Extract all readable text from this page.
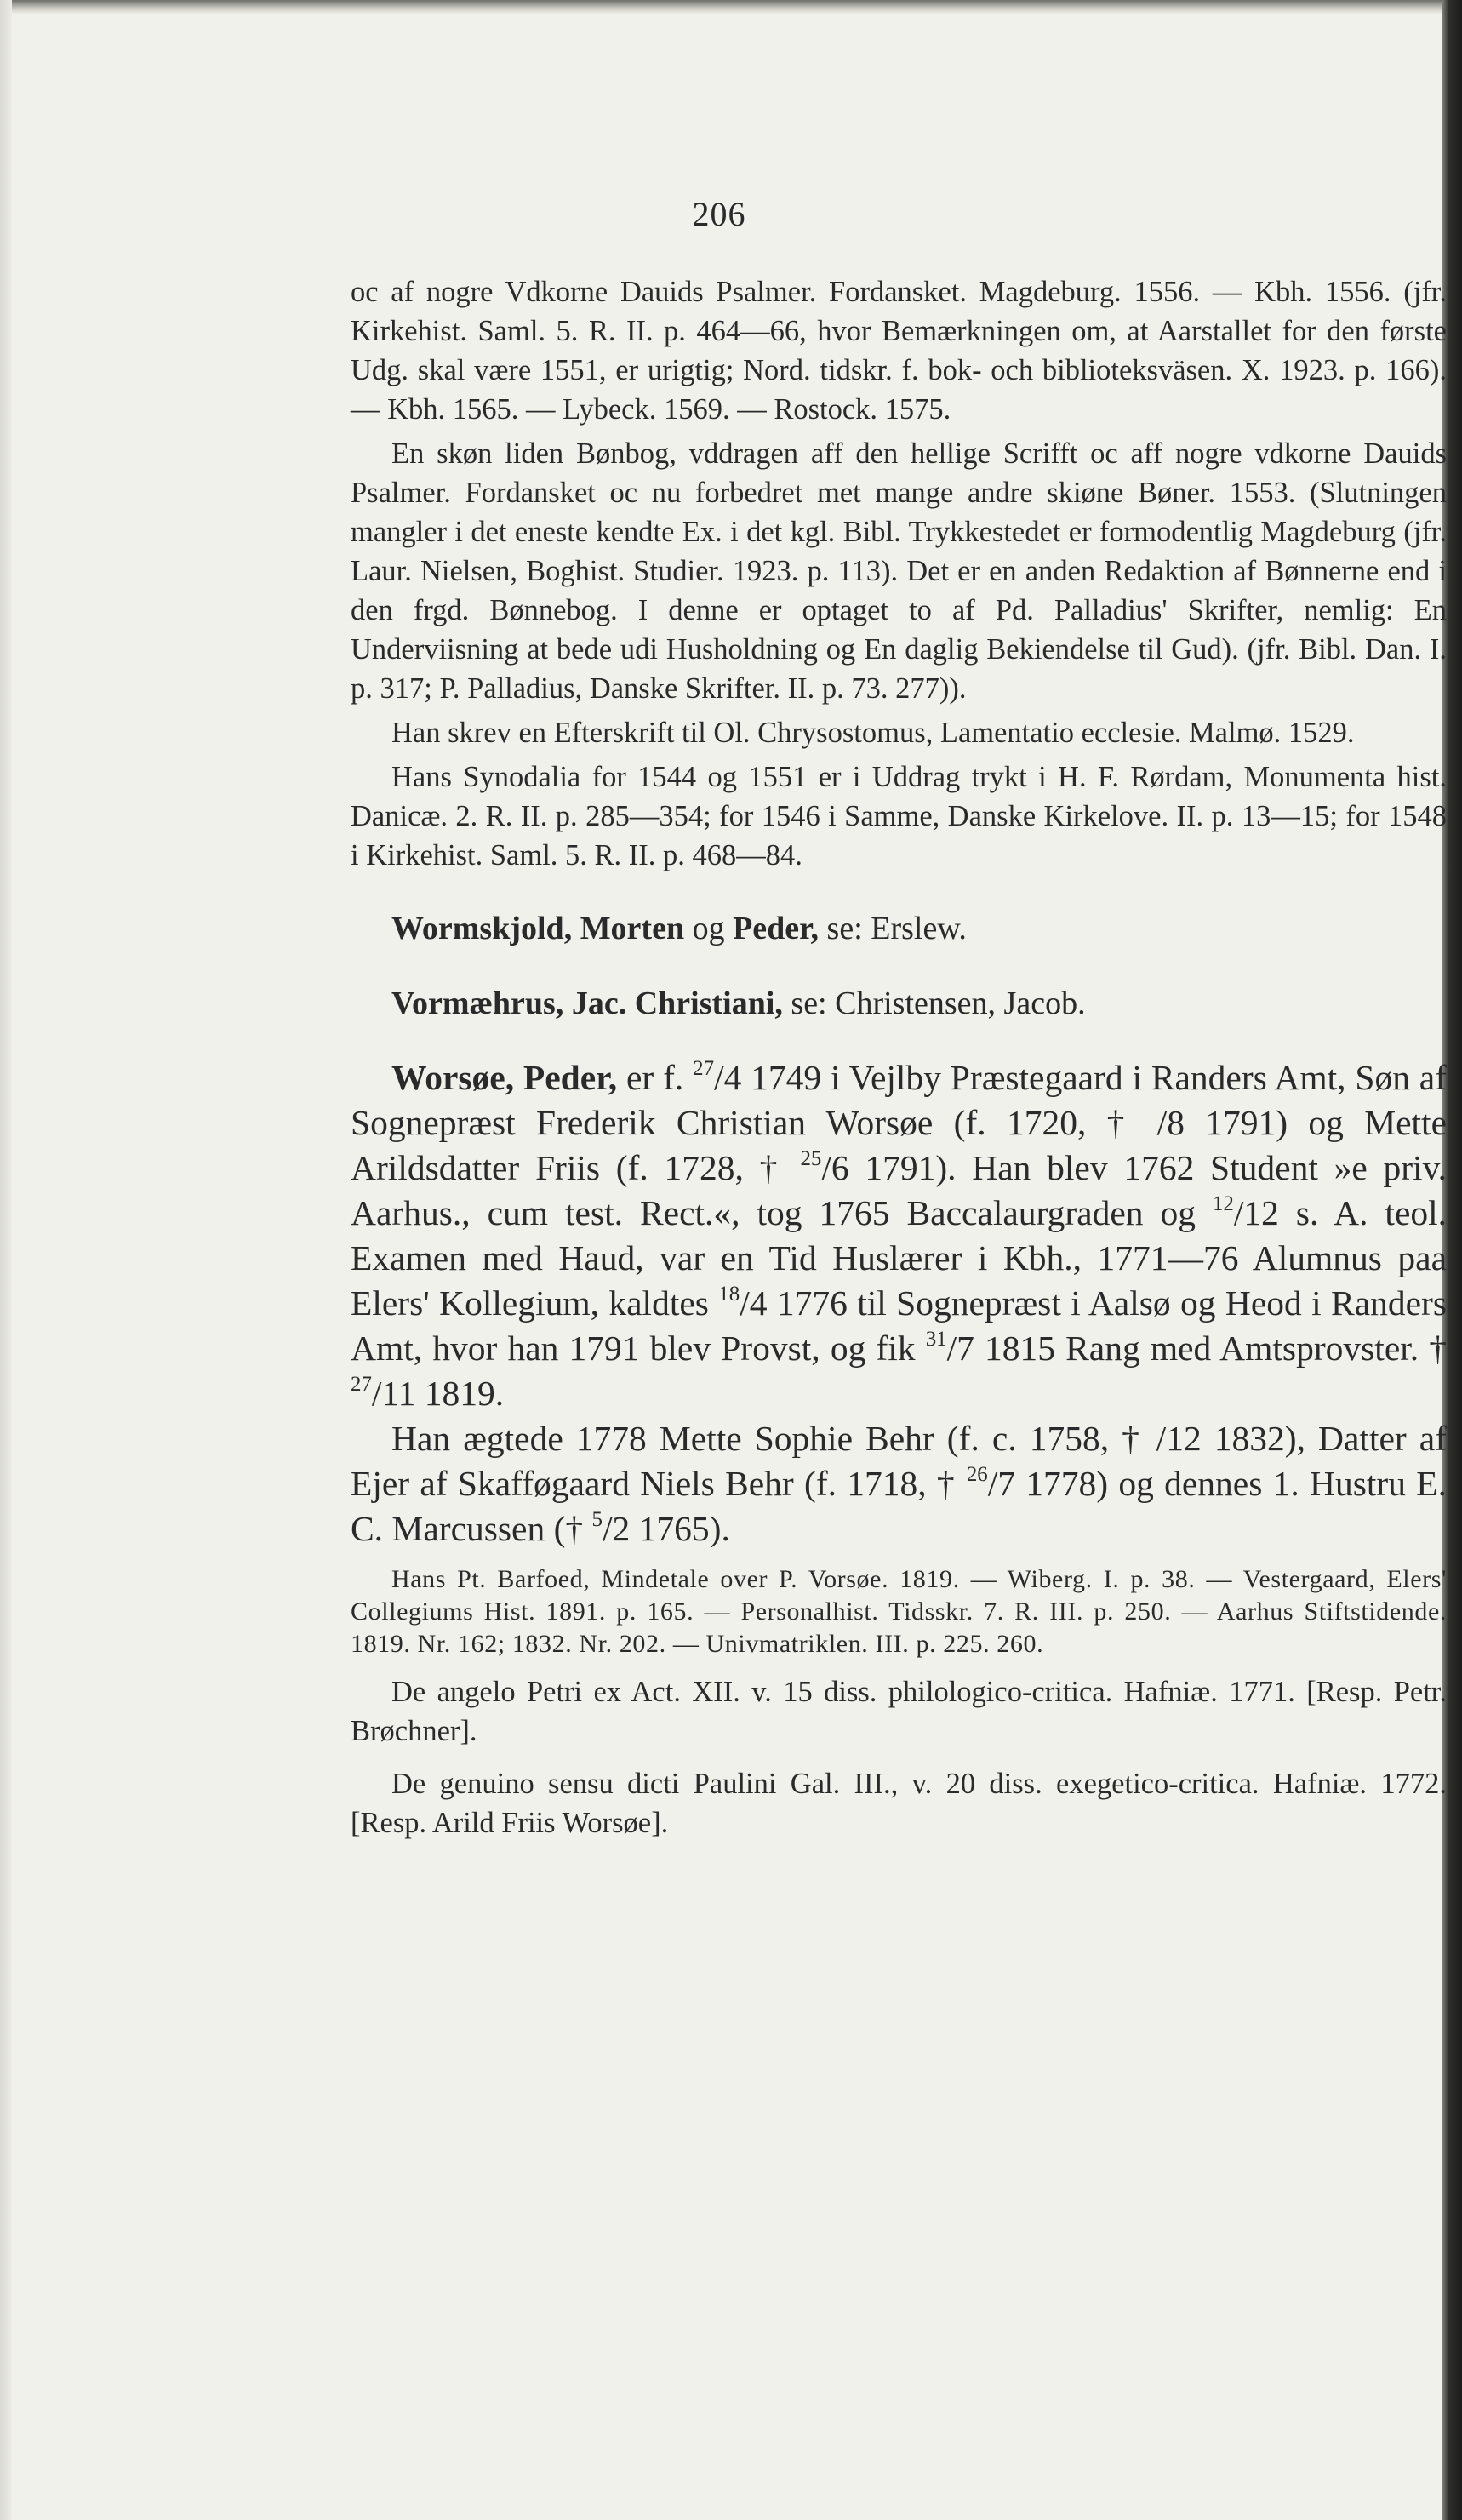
206

oc af nogre Vdkorne Dauids Psalmer. Fordansket. Magdeburg. 1556. — Kbh. 1556. (jfr. Kirkehist. Saml. 5. R. II. p. 464—66, hvor Bemærkningen om, at Aarstallet for den første Udg. skal være 1551, er urigtig; Nord. tidskr. f. bok- och biblioteksväsen. X. 1923. p. 166). — Kbh. 1565. — Lybeck. 1569. — Rostock. 1575.

En skøn liden Bønbog, vddragen aff den hellige Scrifft oc aff nogre vdkorne Dauids Psalmer. Fordansket oc nu forbedret met mange andre skiøne Bøner. 1553. (Slutningen mangler i det eneste kendte Ex. i det kgl. Bibl. Trykkestedet er formodentlig Magdeburg (jfr. Laur. Nielsen, Boghist. Studier. 1923. p. 113). Det er en anden Redaktion af Bønnerne end i den frgd. Bønnebog. I denne er optaget to af Pd. Palladius' Skrifter, nemlig: En Underviisning at bede udi Husholdning og En daglig Bekiendelse til Gud). (jfr. Bibl. Dan. I. p. 317; P. Palladius, Danske Skrifter. II. p. 73. 277)).

Han skrev en Efterskrift til Ol. Chrysostomus, Lamentatio ecclesie. Malmø. 1529.

Hans Synodalia for 1544 og 1551 er i Uddrag trykt i H. F. Rørdam, Monumenta hist. Danicæ. 2. R. II. p. 285—354; for 1546 i Samme, Danske Kirkelove. II. p. 13—15; for 1548 i Kirkehist. Saml. 5. R. II. p. 468—84.

Wormskjold, Morten og Peder, se: Erslew.

Vormæhrus, Jac. Christiani, se: Christensen, Jacob.

Worsøe, Peder, er f. $^{27}$/4 1749 i Vejlby Præstegaard i Randers Amt, Søn af Sognepræst Frederik Christian Worsøe (f. 1720, † /8 1791) og Mette Arildsdatter Friis (f. 1728, † $^{25}$/6 1791). Han blev 1762 Student »e priv. Aarhus., cum test. Rect.«, tog 1765 Baccalaurgraden og $^{12}$/12 s. A. teol. Examen med Haud, var en Tid Huslærer i Kbh., 1771—76 Alumnus paa Elers' Kollegium, kaldtes $^{18}$/4 1776 til Sognepræst i Aalsø og Heod i Randers Amt, hvor han 1791 blev Provst, og fik $^{31}$/7 1815 Rang med Amtsprovster. † $^{27}$/11 1819.

Han ægtede 1778 Mette Sophie Behr (f. c. 1758, † /12 1832), Datter af Ejer af Skafføgaard Niels Behr (f. 1718, † $^{26}$/7 1778) og dennes 1. Hustru E. C. Marcussen († $^5$/2 1765).

Hans Pt. Barfoed, Mindetale over P. Vorsøe. 1819. — Wiberg. I. p. 38. — Vestergaard, Elers' Collegiums Hist. 1891. p. 165. — Personalhist. Tidsskr. 7. R. III. p. 250. — Aarhus Stiftstidende. 1819. Nr. 162; 1832. Nr. 202. — Univmatriklen. III. p. 225. 260.

De angelo Petri ex Act. XII. v. 15 diss. philologico-critica. Hafniæ. 1771. [Resp. Petr. Brøchner].

De genuino sensu dicti Paulini Gal. III., v. 20 diss. exegetico-critica. Hafniæ. 1772. [Resp. Arild Friis Worsøe].
